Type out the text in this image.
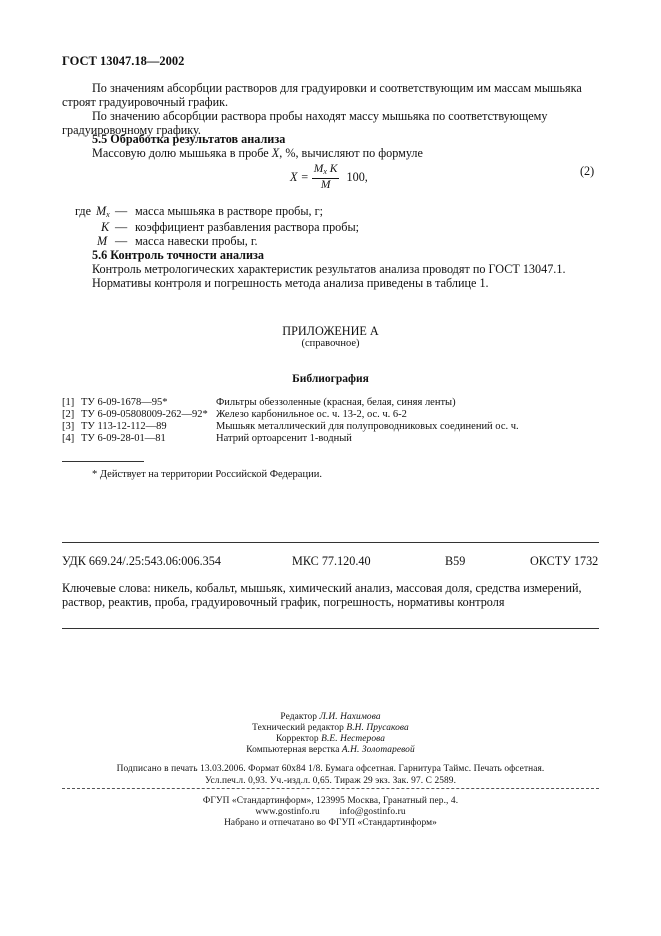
ГОСТ 13047.18—2002
По значениям абсорбции растворов для градуировки и соответствующим им массам мышьяка
строят градуировочный график.
По значению абсорбции раствора пробы находят массу мышьяка по соответствующему
градуировочному графику.
5.5 Обработка результатов анализа
Массовую долю мышьяка в пробе X, %, вычисляют по формуле
$X = \frac{M_x K}{M} 100$,	(2)
где $M_x$ — масса мышьяка в растворе пробы, г;
K — коэффициент разбавления раствора пробы;
M — масса навески пробы, г.
5.6 Контроль точности анализа
Контроль метрологических характеристик результатов анализа проводят по ГОСТ 13047.1.
Нормативы контроля и погрешность метода анализа приведены в таблице 1.
ПРИЛОЖЕНИЕ А
(справочное)
Библиография
[1] ТУ 6-09-1678—95*	Фильтры обеззоленные (красная, белая, синяя ленты)
[2] ТУ 6-09-05808009-262—92* Железо карбонильное ос. ч. 13-2, ос. ч. 6-2
[3] ТУ 113-12-112—89	Мышьяк металлический для полупроводниковых соединений ос. ч.
[4] ТУ 6-09-28-01—81	Натрий ортоарсенит 1-водный
* Действует на территории Российской Федерации.
УДК 669.24/.25:543.06:006.354	МКС 77.120.40	В59	ОКСТУ 1732
Ключевые слова: никель, кобальт, мышьяк, химический анализ, массовая доля, средства измерений,
раствор, реактив, проба, градуировочный график, погрешность, нормативы контроля
Редактор Л.И. Нахимова
Технический редактор В.Н. Прусакова
Корректор В.Е. Нестерова
Компьютерная верстка А.Н. Золотаревой
Подписано в печать 13.03.2006. Формат 60х84 1/8. Бумага офсетная. Гарнитура Таймс. Печать офсетная.
Усл.печ.л. 0,93. Уч.-изд.л. 0,65. Тираж 29 экз. Зак. 97. С 2589.
ФГУП «Стандартинформ», 123995 Москва, Гранатный пер., 4.
www.gostinfo.ru info@gostinfo.ru
Набрано и отпечатано во ФГУП «Стандартинформ»
